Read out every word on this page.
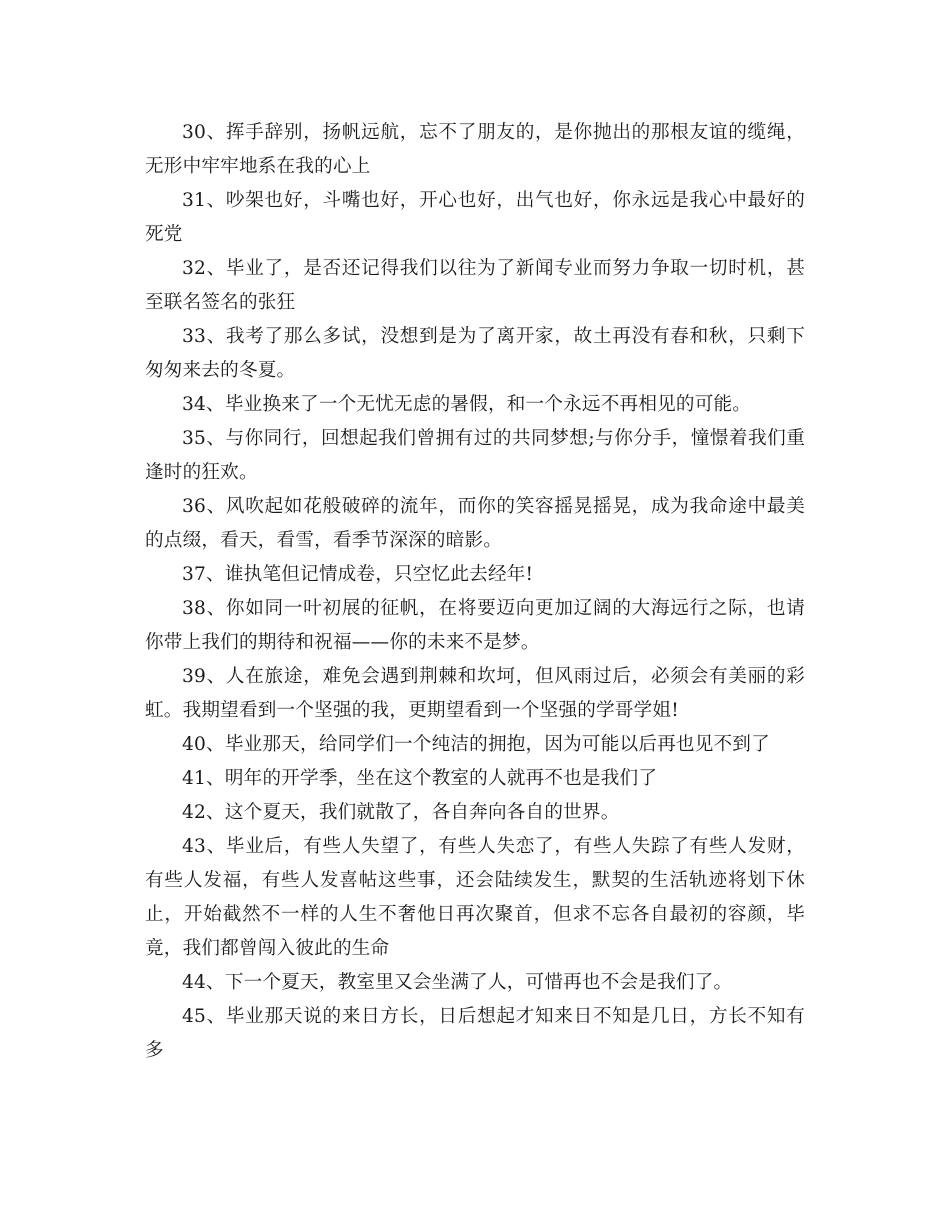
30、挥手辞别，扬帆远航，忘不了朋友的，是你抛出的那根友谊的缆绳，无形中牢牢地系在我的心上

31、吵架也好，斗嘴也好，开心也好，出气也好，你永远是我心中最好的死党

32、毕业了，是否还记得我们以往为了新闻专业而努力争取一切时机，甚至联名签名的张狂

33、我考了那么多试，没想到是为了离开家，故土再没有春和秋，只剩下匆匆来去的冬夏。

34、毕业换来了一个无忧无虑的暑假，和一个永远不再相见的可能。

35、与你同行，回想起我们曾拥有过的共同梦想;与你分手，憧憬着我们重逢时的狂欢。

36、风吹起如花般破碎的流年，而你的笑容摇晃摇晃，成为我命途中最美的点缀，看天，看雪，看季节深深的暗影。

37、谁执笔但记情成卷，只空忆此去经年!

38、你如同一叶初展的征帆，在将要迈向更加辽阔的大海远行之际，也请你带上我们的期待和祝福——你的未来不是梦。

39、人在旅途，难免会遇到荆棘和坎坷，但风雨过后，必须会有美丽的彩虹。我期望看到一个坚强的我，更期望看到一个坚强的学哥学姐!

40、毕业那天，给同学们一个纯洁的拥抱，因为可能以后再也见不到了

41、明年的开学季，坐在这个教室的人就再不也是我们了

42、这个夏天，我们就散了，各自奔向各自的世界。

43、毕业后，有些人失望了，有些人失恋了，有些人失踪了有些人发财，有些人发福，有些人发喜帖这些事，还会陆续发生，默契的生活轨迹将划下休止，开始截然不一样的人生不奢他日再次聚首，但求不忘各自最初的容颜，毕竟，我们都曾闯入彼此的生命

44、下一个夏天，教室里又会坐满了人，可惜再也不会是我们了。

45、毕业那天说的来日方长，日后想起才知来日不知是几日，方长不知有多
